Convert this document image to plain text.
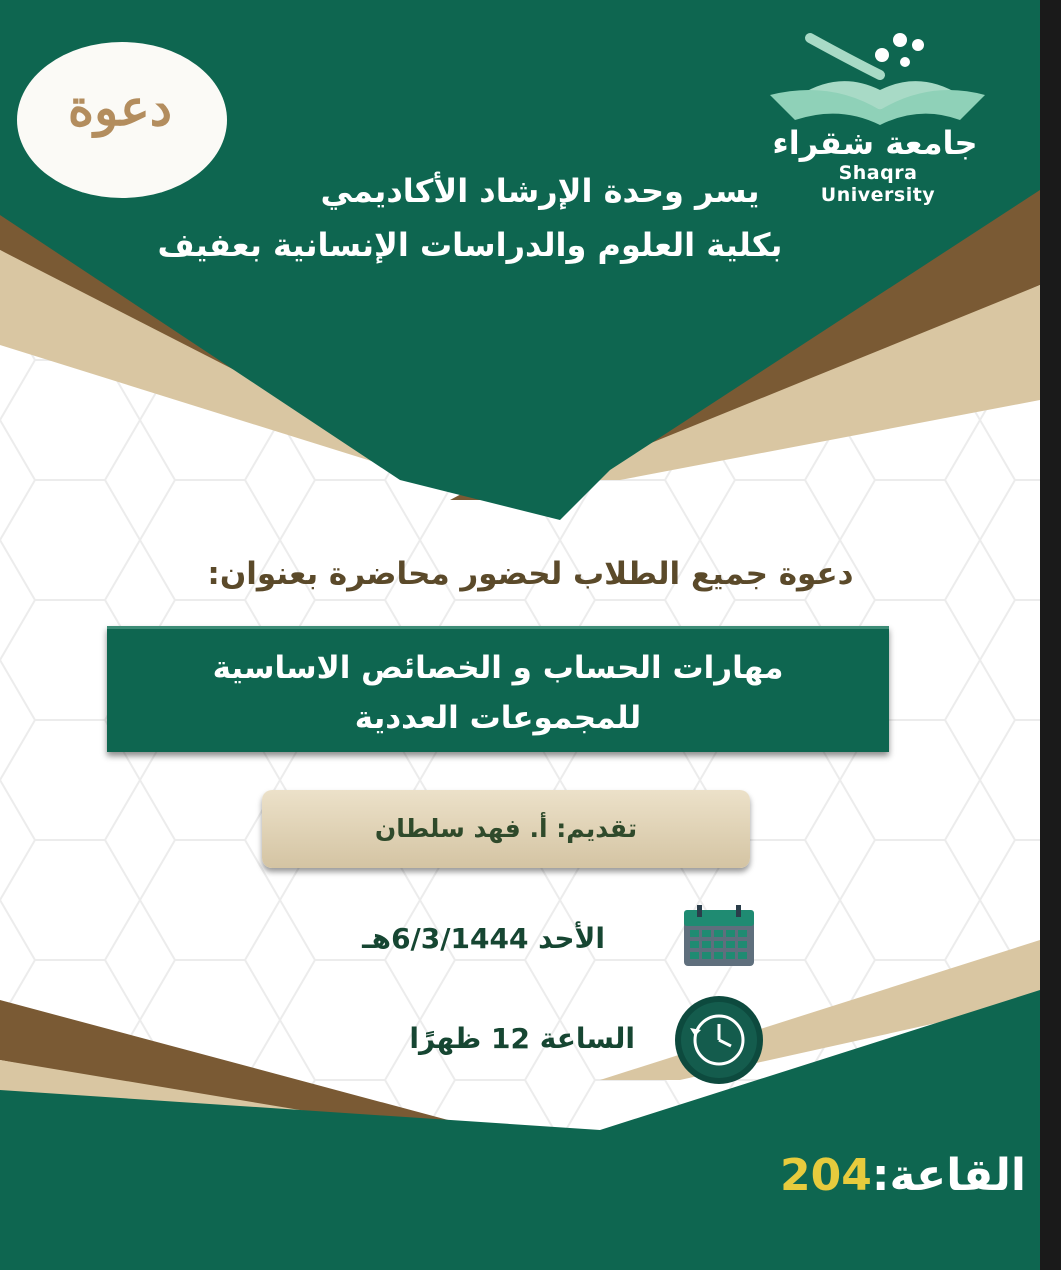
دعوة
جامعة شقراء
Shaqra University
يسر وحدة الإرشاد الأكاديمي
بكلية العلوم والدراسات الإنسانية بعفيف
دعوة جميع الطلاب لحضور محاضرة بعنوان:
مهارات الحساب و الخصائص الاساسية
للمجموعات العددية
تقديم: أ. فهد سلطان
الأحد 6/3/1444هـ
الساعة 12 ظهرًا
القاعة:204
